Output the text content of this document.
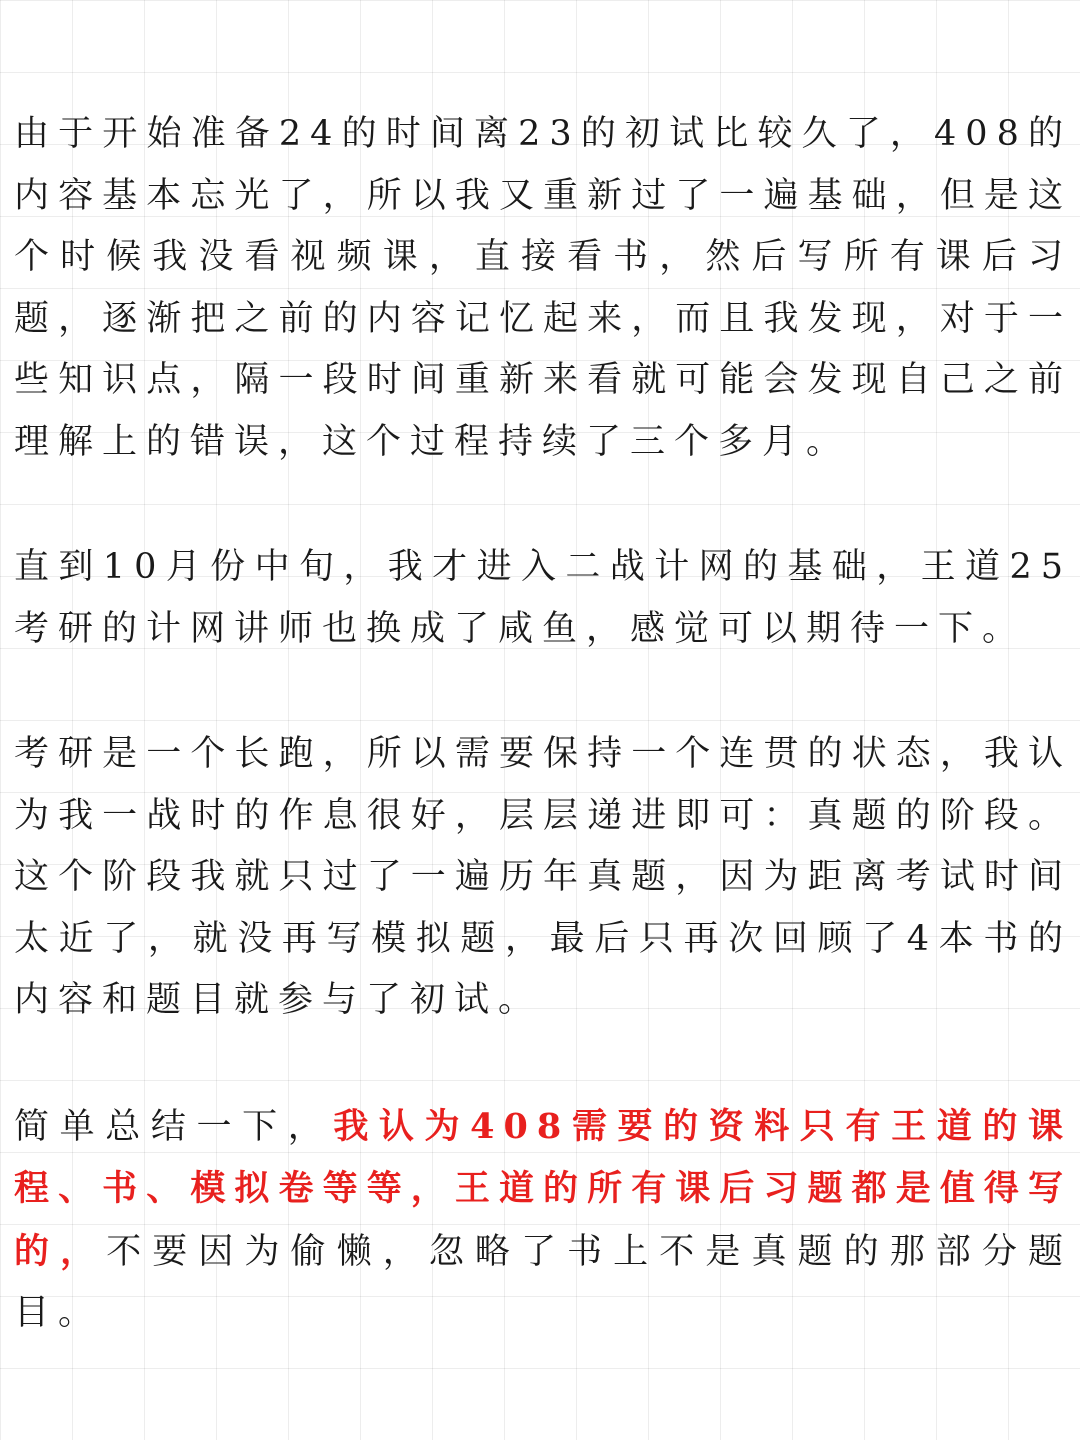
由于开始准备24的时间离23的初试比较久了，408的内容基本忘光了，所以我又重新过了一遍基础，但是这个时候我没看视频课，直接看书，然后写所有课后习题，逐渐把之前的内容记忆起来，而且我发现，对于一些知识点，隔一段时间重新来看就可能会发现自己之前理解上的错误，这个过程持续了三个多月。

直到10月份中旬，我才进入二战计网的基础，王道25考研的计网讲师也换成了咸鱼，感觉可以期待一下。

考研是一个长跑，所以需要保持一个连贯的状态，我认为我一战时的作息很好，层层递进即可：真题的阶段。这个阶段我就只过了一遍历年真题，因为距离考试时间太近了，就没再写模拟题，最后只再次回顾了4本书的内容和题目就参与了初试。

简单总结一下，我认为408需要的资料只有王道的课程、书、模拟卷等等，王道的所有课后习题都是值得写的，不要因为偷懒，忽略了书上不是真题的那部分题目。
